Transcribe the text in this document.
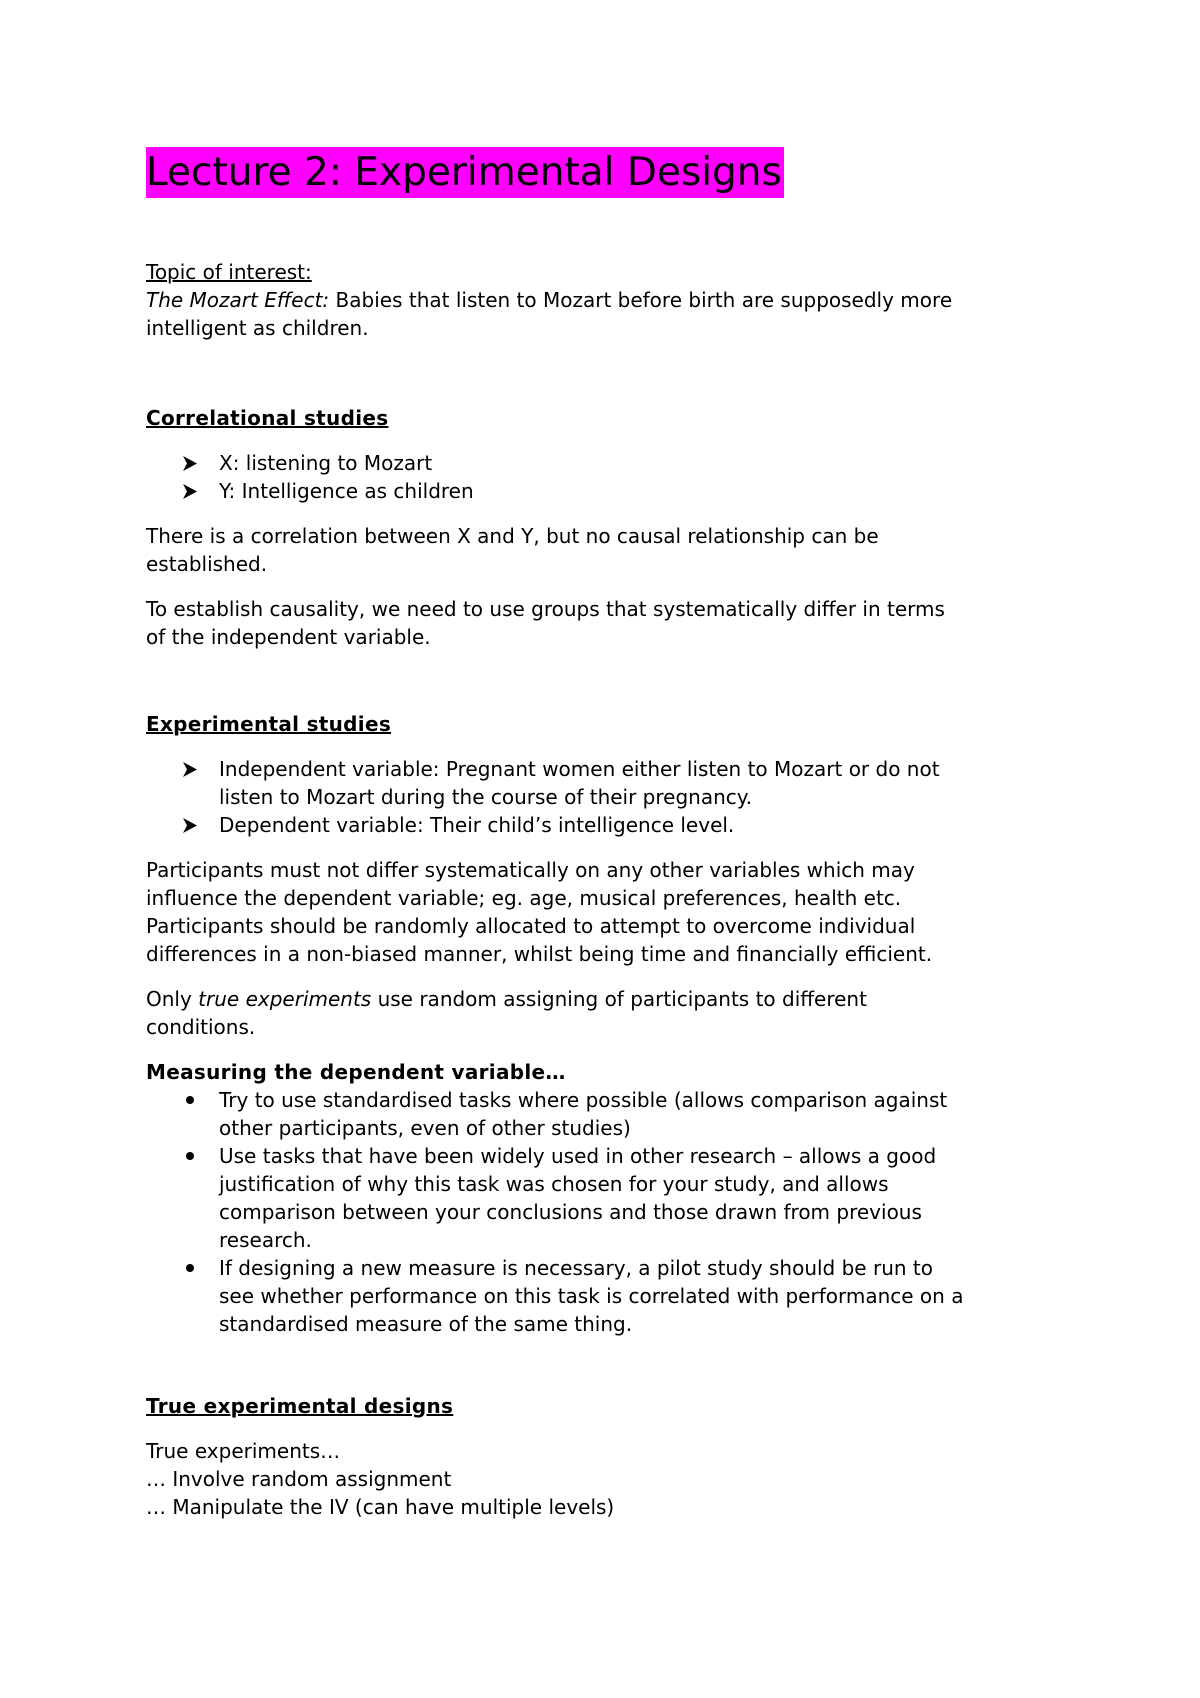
Lecture 2: Experimental Designs
Topic of interest:
The Mozart Effect: Babies that listen to Mozart before birth are supposedly more
intelligent as children.
Correlational studies
X: listening to Mozart
Y: Intelligence as children
There is a correlation between X and Y, but no causal relationship can be
established.
To establish causality, we need to use groups that systematically differ in terms
of the independent variable.
Experimental studies
Independent variable: Pregnant women either listen to Mozart or do not
listen to Mozart during the course of their pregnancy.
Dependent variable: Their child’s intelligence level.
Participants must not differ systematically on any other variables which may
influence the dependent variable; eg. age, musical preferences, health etc.
Participants should be randomly allocated to attempt to overcome individual
differences in a non-biased manner, whilst being time and financially efficient.
Only true experiments use random assigning of participants to different
conditions.
Measuring the dependent variable…
Try to use standardised tasks where possible (allows comparison against
other participants, even of other studies)
Use tasks that have been widely used in other research – allows a good
justification of why this task was chosen for your study, and allows
comparison between your conclusions and those drawn from previous
research.
If designing a new measure is necessary, a pilot study should be run to
see whether performance on this task is correlated with performance on a
standardised measure of the same thing.
True experimental designs
True experiments…
… Involve random assignment
… Manipulate the IV (can have multiple levels)
